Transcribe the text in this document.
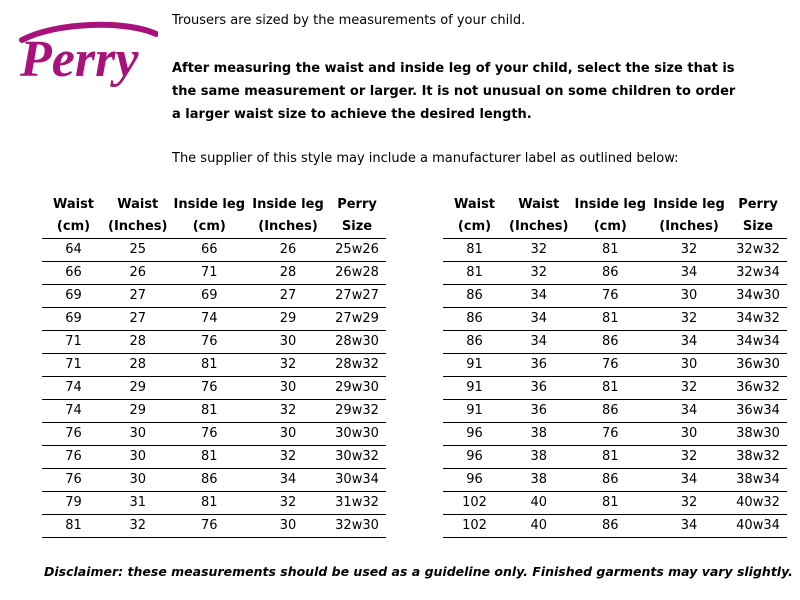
Perry

Trousers are sized by the measurements of your child.

After measuring the waist and inside leg of your child, select the size that is
the same measurement or larger. It is not unusual on some children to order
a larger waist size to achieve the desired length.

The supplier of this style may include a manufacturer label as outlined below:

Waist	Waist	Inside leg	Inside leg	Perry
(cm)	(Inches)	(cm)	(Inches)	Size
64	25	66	26	25w26
66	26	71	28	26w28
69	27	69	27	27w27
69	27	74	29	27w29
71	28	76	30	28w30
71	28	81	32	28w32
74	29	76	30	29w30
74	29	81	32	29w32
76	30	76	30	30w30
76	30	81	32	30w32
76	30	86	34	30w34
79	31	81	32	31w32
81	32	76	30	32w30
Waist	Waist	Inside leg	Inside leg	Perry
(cm)	(Inches)	(cm)	(Inches)	Size
81	32	81	32	32w32
81	32	86	34	32w34
86	34	76	30	34w30
86	34	81	32	34w32
86	34	86	34	34w34
91	36	76	30	36w30
91	36	81	32	36w32
91	36	86	34	36w34
96	38	76	30	38w30
96	38	81	32	38w32
96	38	86	34	38w34
102	40	81	32	40w32
102	40	86	34	40w34

Disclaimer: these measurements should be used as a guideline only. Finished garments may vary slightly.
